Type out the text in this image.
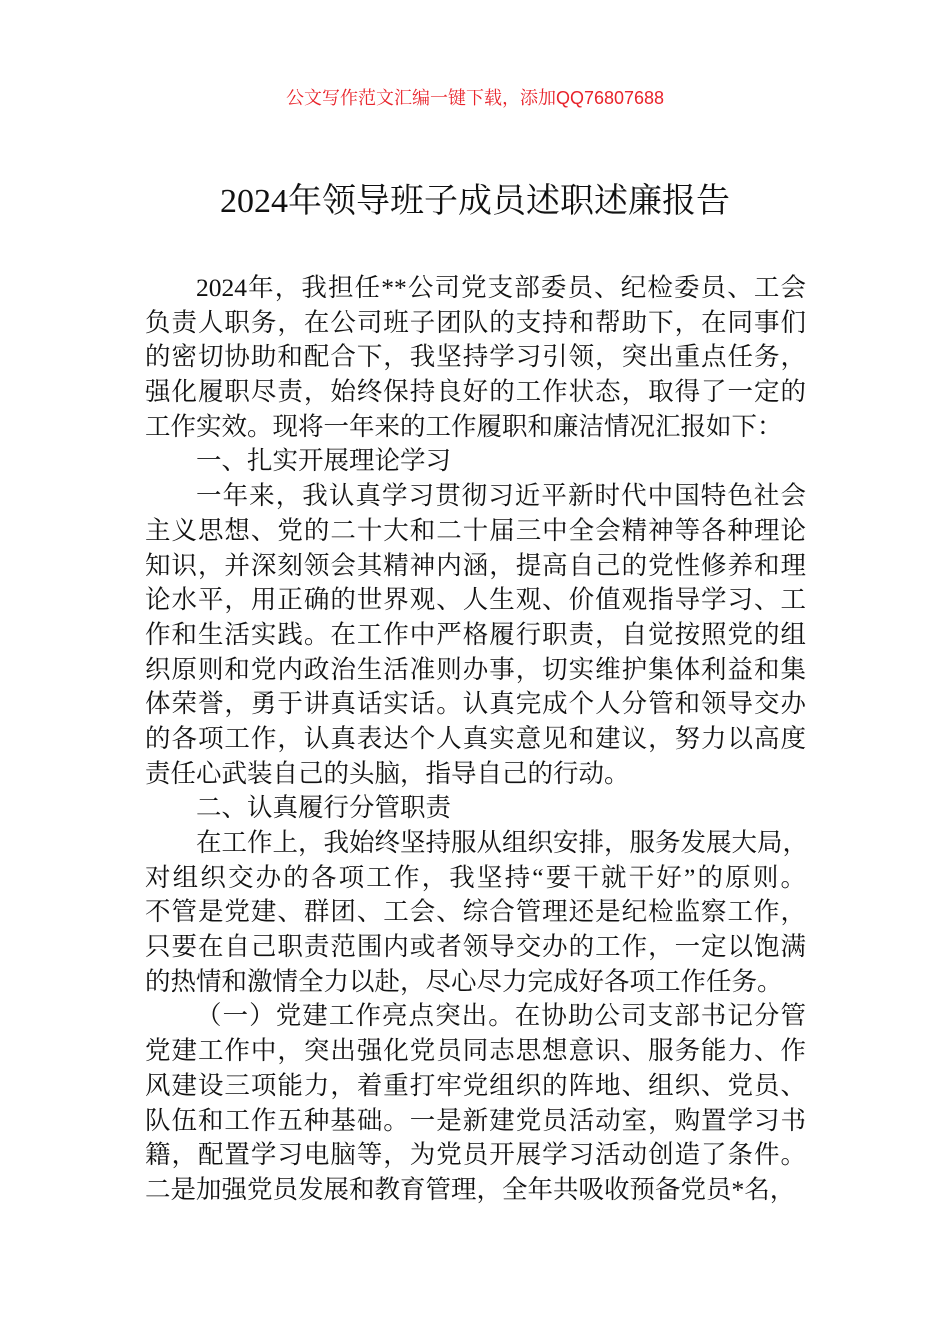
公文写作范文汇编一键下载，添加QQ76807688
2024年领导班子成员述职述廉报告
2024年，我担任**公司党支部委员、纪检委员、工会
负责人职务，在公司班子团队的支持和帮助下，在同事们
的密切协助和配合下，我坚持学习引领，突出重点任务，
强化履职尽责，始终保持良好的工作状态，取得了一定的
工作实效。现将一年来的工作履职和廉洁情况汇报如下：
一、扎实开展理论学习
一年来，我认真学习贯彻习近平新时代中国特色社会
主义思想、党的二十大和二十届三中全会精神等各种理论
知识，并深刻领会其精神内涵，提高自己的党性修养和理
论水平，用正确的世界观、人生观、价值观指导学习、工
作和生活实践。在工作中严格履行职责，自觉按照党的组
织原则和党内政治生活准则办事，切实维护集体利益和集
体荣誉，勇于讲真话实话。认真完成个人分管和领导交办
的各项工作，认真表达个人真实意见和建议，努力以高度
责任心武装自己的头脑，指导自己的行动。
二、认真履行分管职责
在工作上，我始终坚持服从组织安排，服务发展大局，
对组织交办的各项工作，我坚持“要干就干好”的原则。
不管是党建、群团、工会、综合管理还是纪检监察工作，
只要在自己职责范围内或者领导交办的工作，一定以饱满
的热情和激情全力以赴，尽心尽力完成好各项工作任务。
（一）党建工作亮点突出。在协助公司支部书记分管
党建工作中，突出强化党员同志思想意识、服务能力、作
风建设三项能力，着重打牢党组织的阵地、组织、党员、
队伍和工作五种基础。一是新建党员活动室，购置学习书
籍，配置学习电脑等，为党员开展学习活动创造了条件。
二是加强党员发展和教育管理，全年共吸收预备党员*名，
